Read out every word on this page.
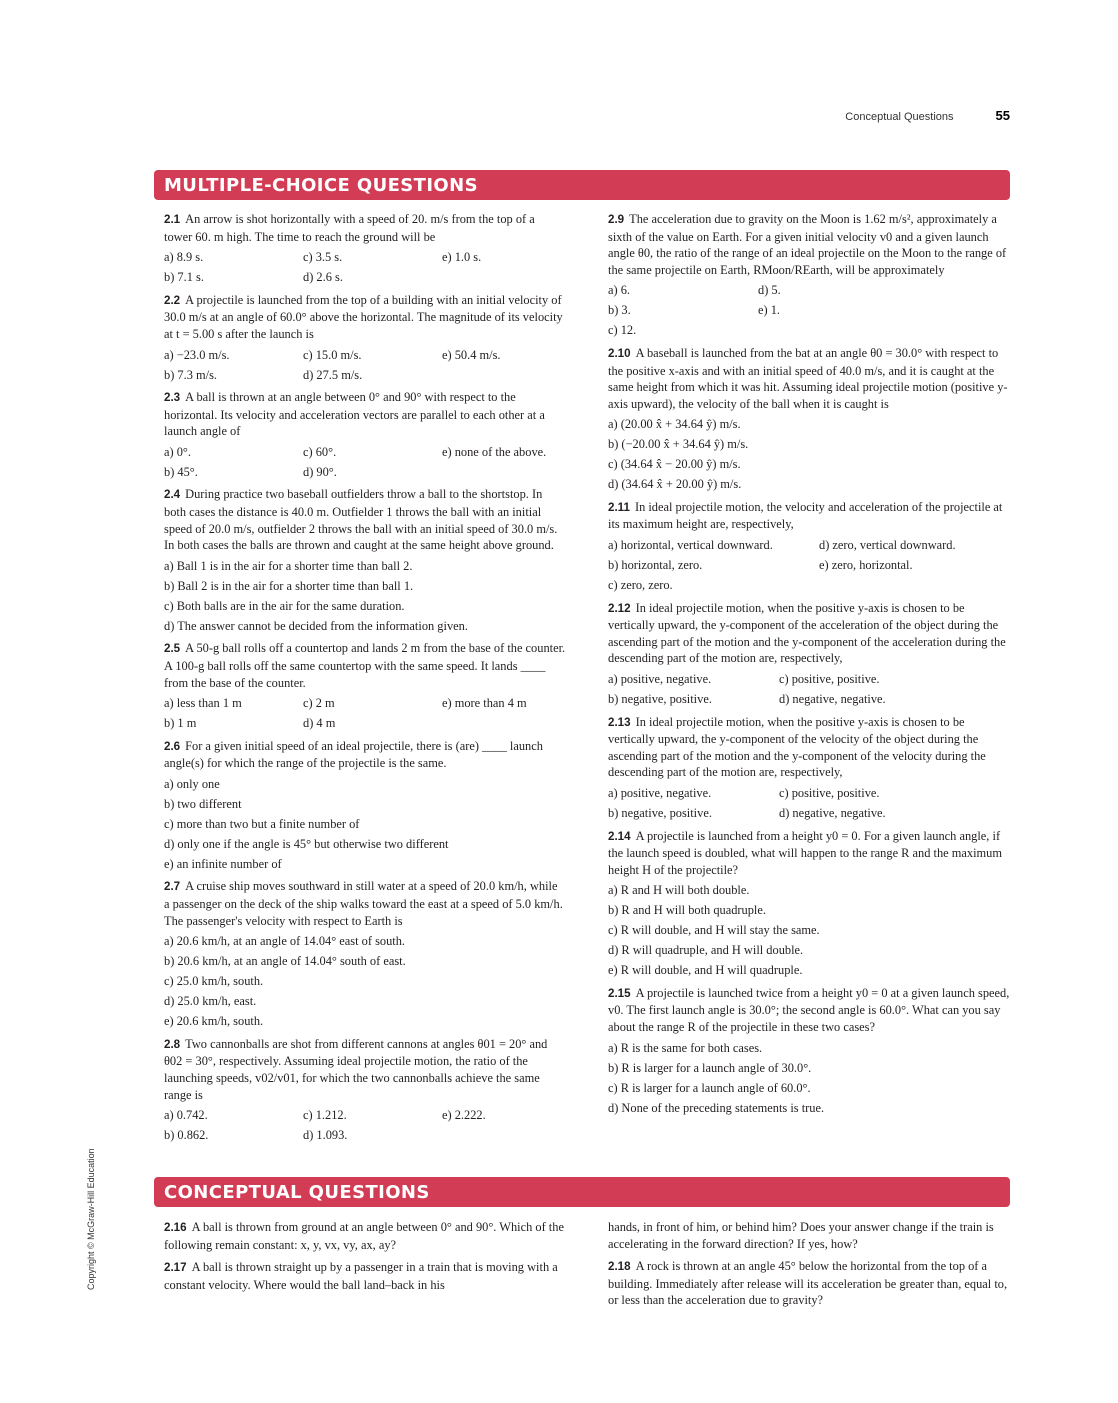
Conceptual Questions	55
MULTIPLE-CHOICE QUESTIONS
2.1 An arrow is shot horizontally with a speed of 20. m/s from the top of a tower 60. m high. The time to reach the ground will be
a) 8.9 s.	c) 3.5 s.	e) 1.0 s.
b) 7.1 s.	d) 2.6 s.
2.2 A projectile is launched from the top of a building with an initial velocity of 30.0 m/s at an angle of 60.0° above the horizontal. The magnitude of its velocity at t = 5.00 s after the launch is
a) −23.0 m/s.	c) 15.0 m/s.	e) 50.4 m/s.
b) 7.3 m/s.	d) 27.5 m/s.
2.3 A ball is thrown at an angle between 0° and 90° with respect to the horizontal. Its velocity and acceleration vectors are parallel to each other at a launch angle of
a) 0°.	c) 60°.	e) none of the above.
b) 45°.	d) 90°.
2.4 During practice two baseball outfielders throw a ball to the shortstop. In both cases the distance is 40.0 m. Outfielder 1 throws the ball with an initial speed of 20.0 m/s, outfielder 2 throws the ball with an initial speed of 30.0 m/s. In both cases the balls are thrown and caught at the same height above ground.
a) Ball 1 is in the air for a shorter time than ball 2.
b) Ball 2 is in the air for a shorter time than ball 1.
c) Both balls are in the air for the same duration.
d) The answer cannot be decided from the information given.
2.5 A 50-g ball rolls off a countertop and lands 2 m from the base of the counter. A 100-g ball rolls off the same countertop with the same speed. It lands ____ from the base of the counter.
a) less than 1 m	c) 2 m	e) more than 4 m
b) 1 m	d) 4 m
2.6 For a given initial speed of an ideal projectile, there is (are) ____ launch angle(s) for which the range of the projectile is the same.
a) only one
b) two different
c) more than two but a finite number of
d) only one if the angle is 45° but otherwise two different
e) an infinite number of
2.7 A cruise ship moves southward in still water at a speed of 20.0 km/h, while a passenger on the deck of the ship walks toward the east at a speed of 5.0 km/h. The passenger's velocity with respect to Earth is
a) 20.6 km/h, at an angle of 14.04° east of south.
b) 20.6 km/h, at an angle of 14.04° south of east.
c) 25.0 km/h, south.
d) 25.0 km/h, east.
e) 20.6 km/h, south.
2.8 Two cannonballs are shot from different cannons at angles θ01 = 20° and θ02 = 30°, respectively. Assuming ideal projectile motion, the ratio of the launching speeds, v02/v01, for which the two cannonballs achieve the same range is
a) 0.742.	c) 1.212.	e) 2.222.
b) 0.862.	d) 1.093.
2.9 The acceleration due to gravity on the Moon is 1.62 m/s², approximately a sixth of the value on Earth. For a given initial velocity v0 and a given launch angle θ0, the ratio of the range of an ideal projectile on the Moon to the range of the same projectile on Earth, RMoon/REarth, will be approximately
a) 6.	d) 5.
b) 3.	e) 1.
c) 12.
2.10 A baseball is launched from the bat at an angle θ0 = 30.0° with respect to the positive x-axis and with an initial speed of 40.0 m/s, and it is caught at the same height from which it was hit. Assuming ideal projectile motion (positive y-axis upward), the velocity of the ball when it is caught is
a) (20.00 x̂ + 34.64 ŷ) m/s.
b) (−20.00 x̂ + 34.64 ŷ) m/s.
c) (34.64 x̂ − 20.00 ŷ) m/s.
d) (34.64 x̂ + 20.00 ŷ) m/s.
2.11 In ideal projectile motion, the velocity and acceleration of the projectile at its maximum height are, respectively,
a) horizontal, vertical downward.	d) zero, vertical downward.
b) horizontal, zero.	e) zero, horizontal.
c) zero, zero.
2.12 In ideal projectile motion, when the positive y-axis is chosen to be vertically upward, the y-component of the acceleration of the object during the ascending part of the motion and the y-component of the acceleration during the descending part of the motion are, respectively,
a) positive, negative.	c) positive, positive.
b) negative, positive.	d) negative, negative.
2.13 In ideal projectile motion, when the positive y-axis is chosen to be vertically upward, the y-component of the velocity of the object during the ascending part of the motion and the y-component of the velocity during the descending part of the motion are, respectively,
a) positive, negative.	c) positive, positive.
b) negative, positive.	d) negative, negative.
2.14 A projectile is launched from a height y0 = 0. For a given launch angle, if the launch speed is doubled, what will happen to the range R and the maximum height H of the projectile?
a) R and H will both double.
b) R and H will both quadruple.
c) R will double, and H will stay the same.
d) R will quadruple, and H will double.
e) R will double, and H will quadruple.
2.15 A projectile is launched twice from a height y0 = 0 at a given launch speed, v0. The first launch angle is 30.0°; the second angle is 60.0°. What can you say about the range R of the projectile in these two cases?
a) R is the same for both cases.
b) R is larger for a launch angle of 30.0°.
c) R is larger for a launch angle of 60.0°.
d) None of the preceding statements is true.
CONCEPTUAL QUESTIONS
2.16 A ball is thrown from ground at an angle between 0° and 90°. Which of the following remain constant: x, y, vx, vy, ax, ay?
2.17 A ball is thrown straight up by a passenger in a train that is moving with a constant velocity. Where would the ball land–back in his
hands, in front of him, or behind him? Does your answer change if the train is accelerating in the forward direction? If yes, how?
2.18 A rock is thrown at an angle 45° below the horizontal from the top of a building. Immediately after release will its acceleration be greater than, equal to, or less than the acceleration due to gravity?
Copyright © McGraw-Hill Education
